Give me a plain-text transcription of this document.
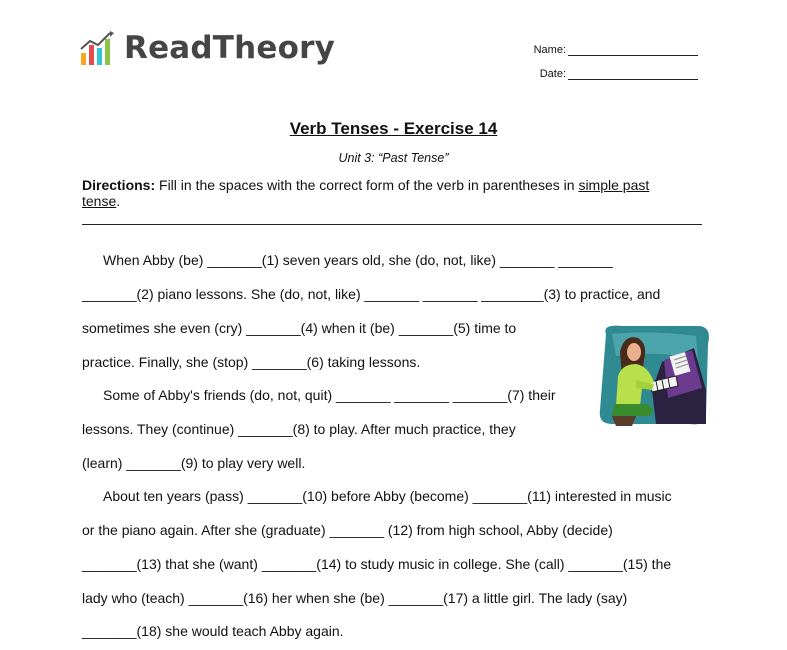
ReadTheory	Name:
Date:
Verb Tenses - Exercise 14
Unit 3: “Past Tense”
Directions: Fill in the spaces with the correct form of the verb in parentheses in simple past
tense.
When Abby (be) _______(1) seven years old, she (do, not, like) _______ _______
_______(2) piano lessons. She (do, not, like) _______ _______ ________(3) to practice, and
sometimes she even (cry) _______(4) when it (be) _______(5) time to
practice. Finally, she (stop) _______(6) taking lessons.
Some of Abby's friends (do, not, quit) _______ _______ _______(7) their
lessons. They (continue) _______(8) to play. After much practice, they
(learn) _______(9) to play very well.
About ten years (pass) _______(10) before Abby (become) _______(11) interested in music
or the piano again. After she (graduate) _______ (12) from high school, Abby (decide)
_______(13) that she (want) _______(14) to study music in college. She (call) _______(15) the
lady who (teach) _______(16) her when she (be) _______(17) a little girl. The lady (say)
_______(18) she would teach Abby again.
